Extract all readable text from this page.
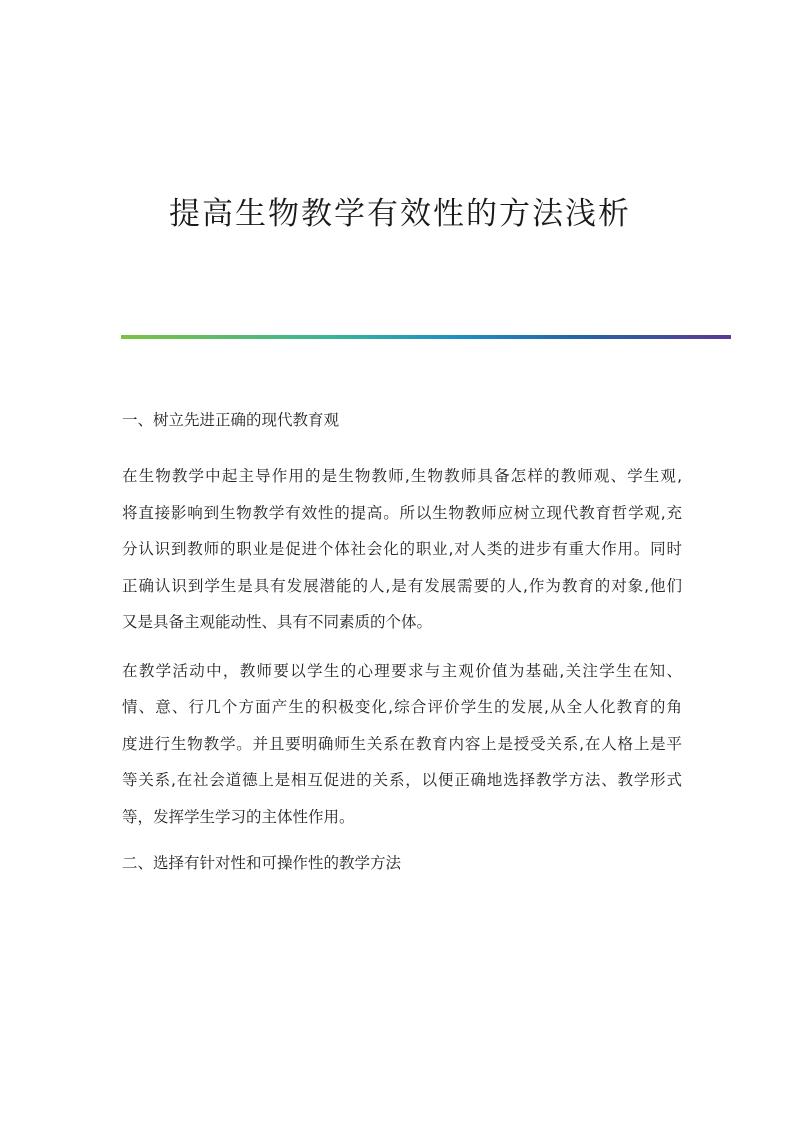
提高生物教学有效性的方法浅析
一、树立先进正确的现代教育观

在生物教学中起主导作用的是生物教师,生物教师具备怎样的教师观、学生观,
将直接影响到生物教学有效性的提高。所以生物教师应树立现代教育哲学观,充
分认识到教师的职业是促进个体社会化的职业,对人类的进步有重大作用。同时
正确认识到学生是具有发展潜能的人,是有发展需要的人,作为教育的对象,他们
又是具备主观能动性、具有不同素质的个体。

在教学活动中，教师要以学生的心理要求与主观价值为基础,关注学生在知、
情、意、行几个方面产生的积极变化,综合评价学生的发展,从全人化教育的角
度进行生物教学。并且要明确师生关系在教育内容上是授受关系,在人格上是平
等关系,在社会道德上是相互促进的关系，以便正确地选择教学方法、教学形式
等，发挥学生学习的主体性作用。

二、选择有针对性和可操作性的教学方法
